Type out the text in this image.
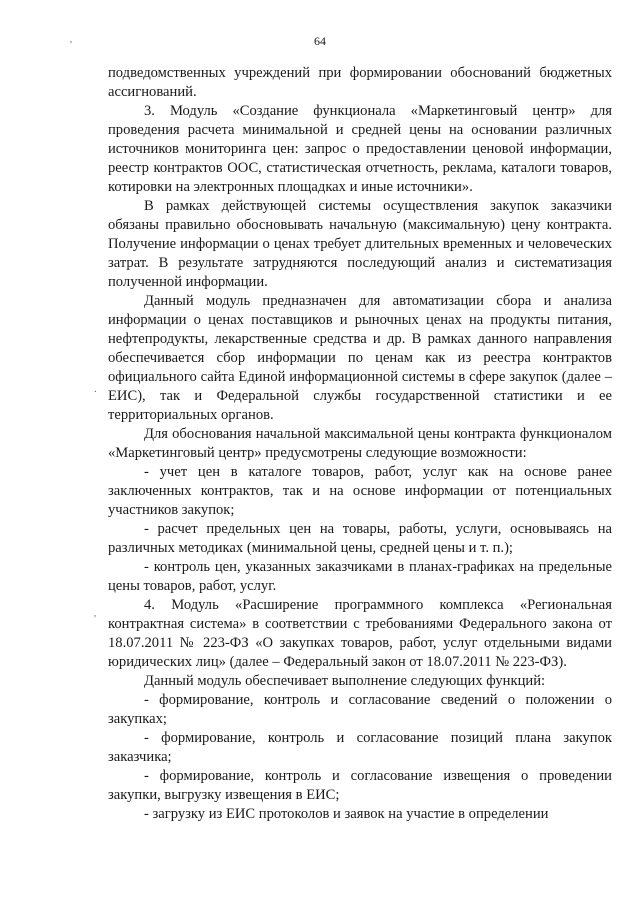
64
'
.
'

подведомственных учреждений при формировании обоснований бюджетных ассигнований.

3. Модуль «Создание функционала «Маркетинговый центр» для проведения расчета минимальной и средней цены на основании различных источников мониторинга цен: запрос о предоставлении ценовой информации, реестр контрактов ООС, статистическая отчетность, реклама, каталоги товаров, котировки на электронных площадках и иные источники».

В рамках действующей системы осуществления закупок заказчики обязаны правильно обосновывать начальную (максимальную) цену контракта. Получение информации о ценах требует длительных временных и человеческих затрат. В результате затрудняются последующий анализ и систематизация полученной информации.

Данный модуль предназначен для автоматизации сбора и анализа информации о ценах поставщиков и рыночных ценах на продукты питания, нефтепродукты, лекарственные средства и др. В рамках данного направления обеспечивается сбор информации по ценам как из реестра контрактов официального сайта Единой информационной системы в сфере закупок (далее – ЕИС), так и Федеральной службы государственной статистики и ее территориальных органов.

Для обоснования начальной максимальной цены контракта функционалом «Маркетинговый центр» предусмотрены следующие возможности:

- учет цен в каталоге товаров, работ, услуг как на основе ранее заключенных контрактов, так и на основе информации от потенциальных участников закупок;

- расчет предельных цен на товары, работы, услуги, основываясь на различных методиках (минимальной цены, средней цены и т. п.);

- контроль цен, указанных заказчиками в планах-графиках на предельные цены товаров, работ, услуг.

4. Модуль «Расширение программного комплекса «Региональная контрактная система» в соответствии с требованиями Федерального закона от 18.07.2011 № 223-ФЗ «О закупках товаров, работ, услуг отдельными видами юридических лиц» (далее – Федеральный закон от 18.07.2011 № 223-ФЗ).

Данный модуль обеспечивает выполнение следующих функций:

- формирование, контроль и согласование сведений о положении о закупках;

- формирование, контроль и согласование позиций плана закупок заказчика;

- формирование, контроль и согласование извещения о проведении закупки, выгрузку извещения в ЕИС;

- загрузку из ЕИС протоколов и заявок на участие в определении
